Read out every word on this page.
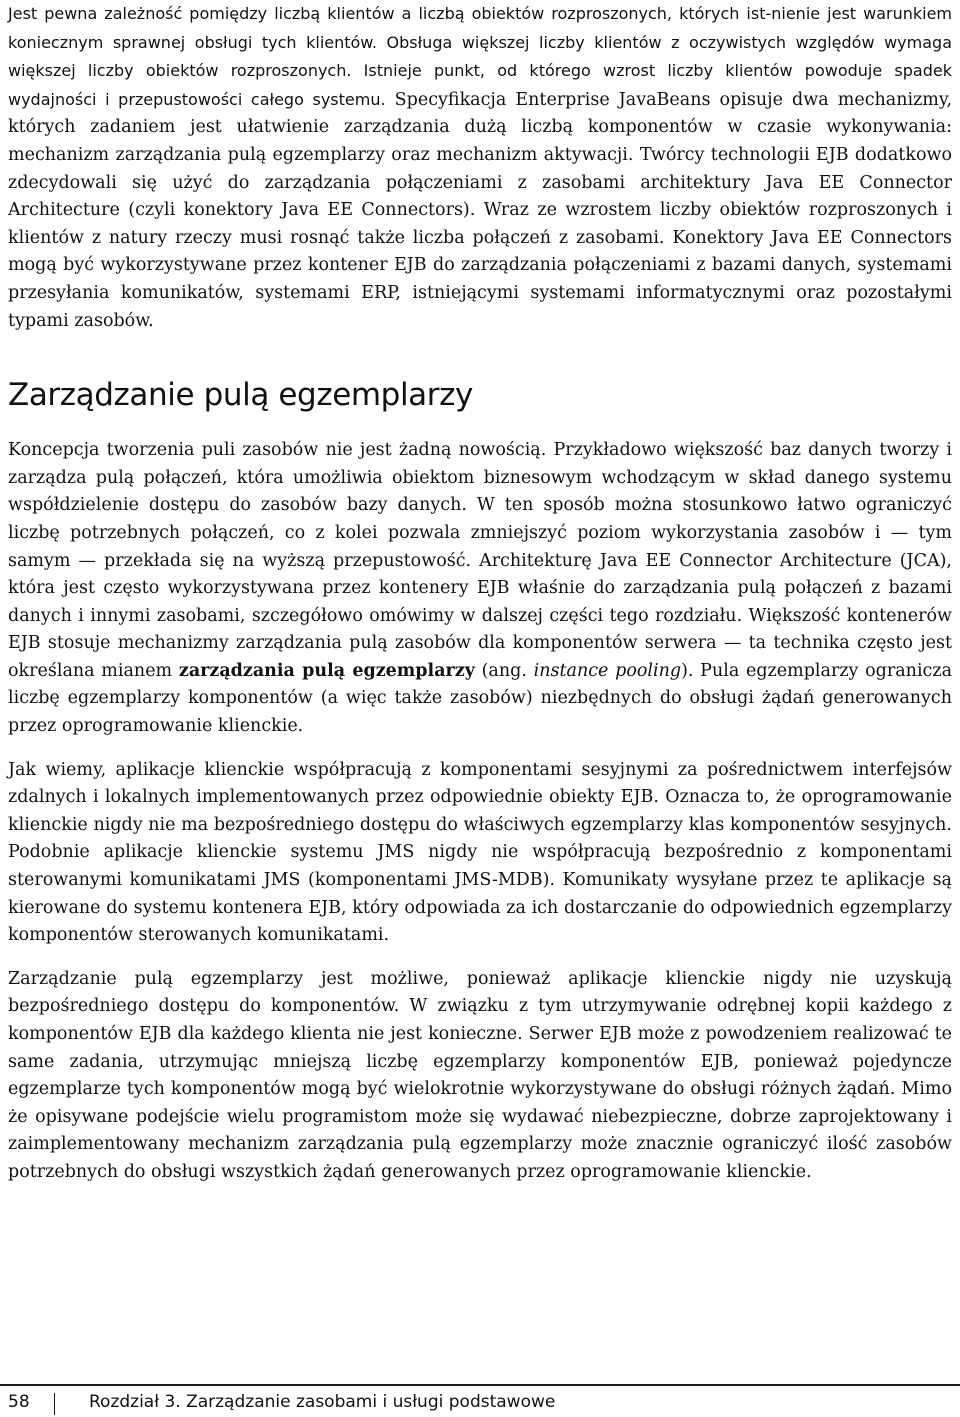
Jest pewna zależność pomiędzy liczbą klientów a liczbą obiektów rozproszonych, których ist-nienie jest warunkiem koniecznym sprawnej obsługi tych klientów. Obsługa większej liczby klientów z oczywistych względów wymaga większej liczby obiektów rozproszonych. Istnieje punkt, od którego wzrost liczby klientów powoduje spadek wydajności i przepustowości całego systemu. Specyfikacja Enterprise JavaBeans opisuje dwa mechanizmy, których zadaniem jest ułatwienie zarządzania dużą liczbą komponentów w czasie wykonywania: mechanizm zarządzania pulą egzemplarzy oraz mechanizm aktywacji. Twórcy technologii EJB dodatkowo zdecydowali się użyć do zarządzania połączeniami z zasobami architektury Java EE Connector Architecture (czyli konektory Java EE Connectors). Wraz ze wzrostem liczby obiektów rozproszonych i klientów z natury rzeczy musi rosnąć także liczba połączeń z zasobami. Konektory Java EE Connectors mogą być wykorzystywane przez kontener EJB do zarządzania połączeniami z bazami danych, systemami przesyłania komunikatów, systemami ERP, istniejącymi systemami informatycznymi oraz pozostałymi typami zasobów.

Zarządzanie pulą egzemplarzy

Koncepcja tworzenia puli zasobów nie jest żadną nowością. Przykładowo większość baz danych tworzy i zarządza pulą połączeń, która umożliwia obiektom biznesowym wchodzącym w skład danego systemu współdzielenie dostępu do zasobów bazy danych. W ten sposób można stosunkowo łatwo ograniczyć liczbę potrzebnych połączeń, co z kolei pozwala zmniejszyć poziom wykorzystania zasobów i — tym samym — przekłada się na wyższą przepustowość. Architekturę Java EE Connector Architecture (JCA), która jest często wykorzystywana przez kontenery EJB właśnie do zarządzania pulą połączeń z bazami danych i innymi zasobami, szczegółowo omówimy w dalszej części tego rozdziału. Większość kontenerów EJB stosuje mechanizmy zarządzania pulą zasobów dla komponentów serwera — ta technika często jest określana mianem zarządzania pulą egzemplarzy (ang. instance pooling). Pula egzemplarzy ogranicza liczbę egzemplarzy komponentów (a więc także zasobów) niezbędnych do obsługi żądań generowanych przez oprogramowanie klienckie.

Jak wiemy, aplikacje klienckie współpracują z komponentami sesyjnymi za pośrednictwem interfejsów zdalnych i lokalnych implementowanych przez odpowiednie obiekty EJB. Oznacza to, że oprogramowanie klienckie nigdy nie ma bezpośredniego dostępu do właściwych egzemplarzy klas komponentów sesyjnych. Podobnie aplikacje klienckie systemu JMS nigdy nie współpracują bezpośrednio z komponentami sterowanymi komunikatami JMS (komponentami JMS-MDB). Komunikaty wysyłane przez te aplikacje są kierowane do systemu kontenera EJB, który odpowiada za ich dostarczanie do odpowiednich egzemplarzy komponentów sterowanych komunikatami.

Zarządzanie pulą egzemplarzy jest możliwe, ponieważ aplikacje klienckie nigdy nie uzyskują bezpośredniego dostępu do komponentów. W związku z tym utrzymywanie odrębnej kopii każdego z komponentów EJB dla każdego klienta nie jest konieczne. Serwer EJB może z powodzeniem realizować te same zadania, utrzymując mniejszą liczbę egzemplarzy komponentów EJB, ponieważ pojedyncze egzemplarze tych komponentów mogą być wielokrotnie wykorzystywane do obsługi różnych żądań. Mimo że opisywane podejście wielu programistom może się wydawać niebezpieczne, dobrze zaprojektowany i zaimplementowany mechanizm zarządzania pulą egzemplarzy może znacznie ograniczyć ilość zasobów potrzebnych do obsługi wszystkich żądań generowanych przez oprogramowanie klienckie.

58	Rozdział 3. Zarządzanie zasobami i usługi podstawowe
